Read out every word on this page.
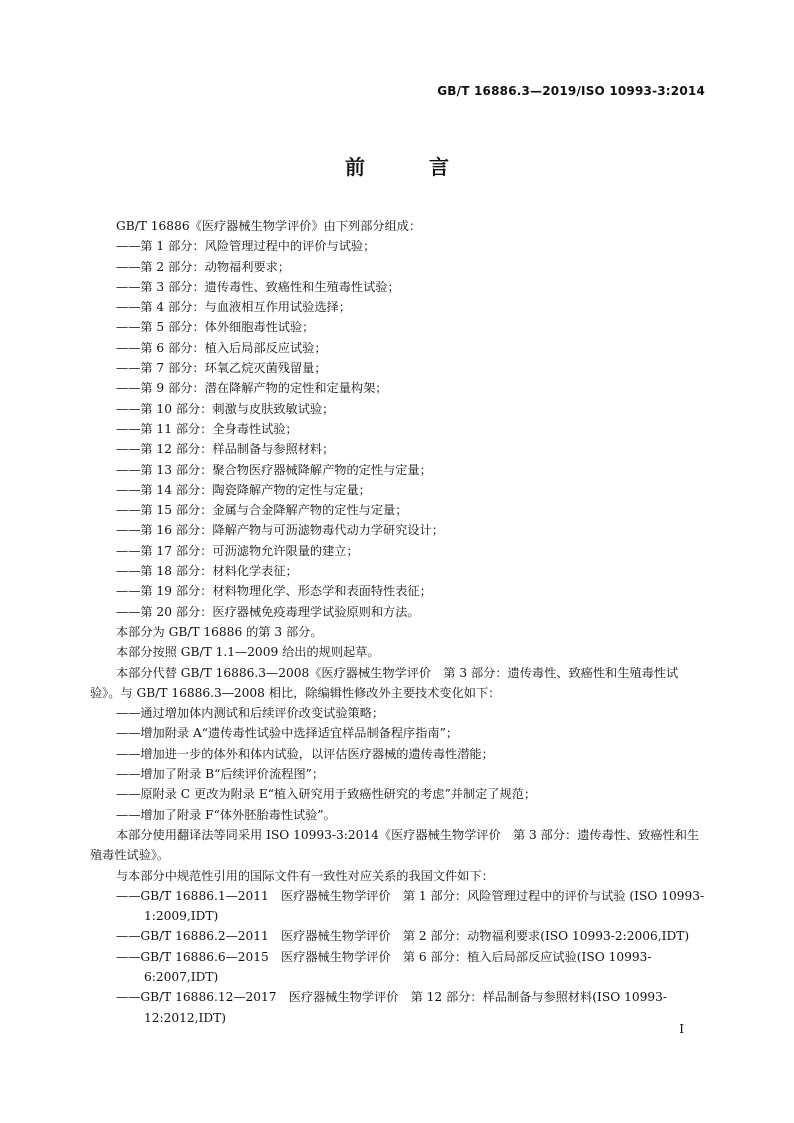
GB/T 16886.3—2019/ISO 10993-3:2014
前　言

GB/T 16886《医疗器械生物学评价》由下列部分组成：

——第 1 部分：风险管理过程中的评价与试验；

——第 2 部分：动物福利要求；

——第 3 部分：遗传毒性、致癌性和生殖毒性试验；

——第 4 部分：与血液相互作用试验选择；

——第 5 部分：体外细胞毒性试验；

——第 6 部分：植入后局部反应试验；

——第 7 部分：环氧乙烷灭菌残留量；

——第 9 部分：潜在降解产物的定性和定量构架；

——第 10 部分：刺激与皮肤致敏试验；

——第 11 部分：全身毒性试验；

——第 12 部分：样品制备与参照材料；

——第 13 部分：聚合物医疗器械降解产物的定性与定量；

——第 14 部分：陶瓷降解产物的定性与定量；

——第 15 部分：金属与合金降解产物的定性与定量；

——第 16 部分：降解产物与可沥滤物毒代动力学研究设计；

——第 17 部分：可沥滤物允许限量的建立；

——第 18 部分：材料化学表征；

——第 19 部分：材料物理化学、形态学和表面特性表征；

——第 20 部分：医疗器械免疫毒理学试验原则和方法。

本部分为 GB/T 16886 的第 3 部分。

本部分按照 GB/T 1.1—2009 给出的规则起草。

本部分代替 GB/T 16886.3—2008《医疗器械生物学评价　第 3 部分：遗传毒性、致癌性和生殖毒性试验》。与 GB/T 16886.3—2008 相比，除编辑性修改外主要技术变化如下：

——通过增加体内测试和后续评价改变试验策略；

——增加附录 A“遗传毒性试验中选择适宜样品制备程序指南”；

——增加进一步的体外和体内试验，以评估医疗器械的遗传毒性潜能；

——增加了附录 B“后续评价流程图”；

——原附录 C 更改为附录 E“植入研究用于致癌性研究的考虑”并制定了规范；

——增加了附录 F“体外胚胎毒性试验”。

本部分使用翻译法等同采用 ISO 10993-3:2014《医疗器械生物学评价　第 3 部分：遗传毒性、致癌性和生殖毒性试验》。

与本部分中规范性引用的国际文件有一致性对应关系的我国文件如下：

——GB/T 16886.1—2011　医疗器械生物学评价　第 1 部分：风险管理过程中的评价与试验 (ISO 10993-1:2009,IDT)

——GB/T 16886.2—2011　医疗器械生物学评价　第 2 部分：动物福利要求(ISO 10993-2:2006,IDT)

——GB/T 16886.6—2015　医疗器械生物学评价　第 6 部分：植入后局部反应试验(ISO 10993-6:2007,IDT)

——GB/T 16886.12—2017　医疗器械生物学评价　第 12 部分：样品制备与参照材料(ISO 10993-12:2012,IDT)

I
